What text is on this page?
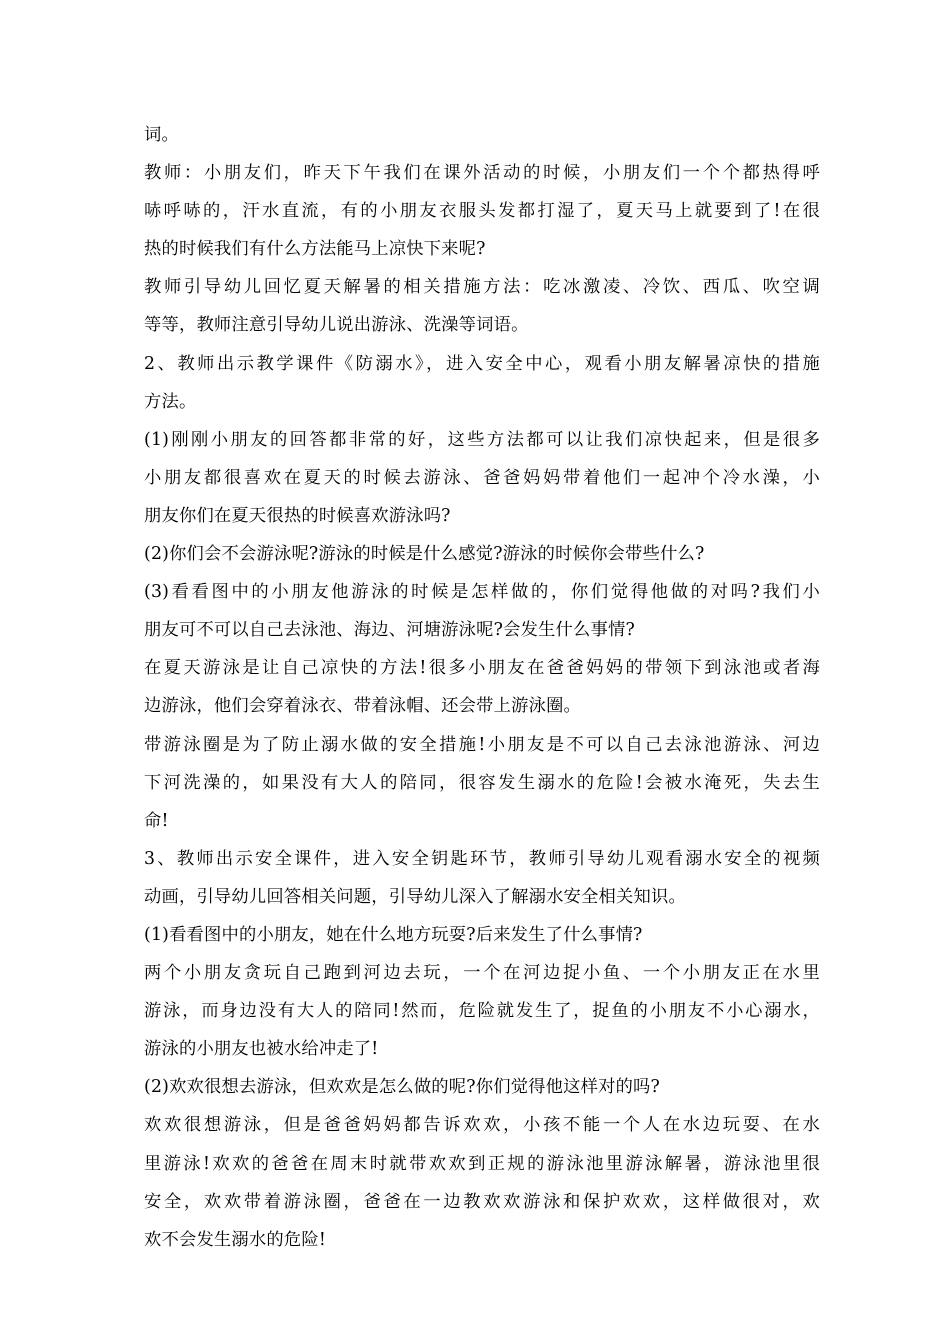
词。
教师：小朋友们，昨天下午我们在课外活动的时候，小朋友们一个个都热得呼
哧呼哧的，汗水直流，有的小朋友衣服头发都打湿了，夏天马上就要到了!在很
热的时候我们有什么方法能马上凉快下来呢?
教师引导幼儿回忆夏天解暑的相关措施方法：吃冰激凌、冷饮、西瓜、吹空调
等等，教师注意引导幼儿说出游泳、洗澡等词语。
2、教师出示教学课件《防溺水》，进入安全中心，观看小朋友解暑凉快的措施
方法。
(1)刚刚小朋友的回答都非常的好，这些方法都可以让我们凉快起来，但是很多
小朋友都很喜欢在夏天的时候去游泳、爸爸妈妈带着他们一起冲个冷水澡，小
朋友你们在夏天很热的时候喜欢游泳吗?
(2)你们会不会游泳呢?游泳的时候是什么感觉?游泳的时候你会带些什么?
(3)看看图中的小朋友他游泳的时候是怎样做的，你们觉得他做的对吗?我们小
朋友可不可以自己去泳池、海边、河塘游泳呢?会发生什么事情?
在夏天游泳是让自己凉快的方法!很多小朋友在爸爸妈妈的带领下到泳池或者海
边游泳，他们会穿着泳衣、带着泳帽、还会带上游泳圈。
带游泳圈是为了防止溺水做的安全措施!小朋友是不可以自己去泳池游泳、河边
下河洗澡的，如果没有大人的陪同，很容发生溺水的危险!会被水淹死，失去生
命!
3、教师出示安全课件，进入安全钥匙环节，教师引导幼儿观看溺水安全的视频
动画，引导幼儿回答相关问题，引导幼儿深入了解溺水安全相关知识。
(1)看看图中的小朋友，她在什么地方玩耍?后来发生了什么事情?
两个小朋友贪玩自己跑到河边去玩，一个在河边捉小鱼、一个小朋友正在水里
游泳，而身边没有大人的陪同!然而，危险就发生了，捉鱼的小朋友不小心溺水，
游泳的小朋友也被水给冲走了!
(2)欢欢很想去游泳，但欢欢是怎么做的呢?你们觉得他这样对的吗?
欢欢很想游泳，但是爸爸妈妈都告诉欢欢，小孩不能一个人在水边玩耍、在水
里游泳!欢欢的爸爸在周末时就带欢欢到正规的游泳池里游泳解暑，游泳池里很
安全，欢欢带着游泳圈，爸爸在一边教欢欢游泳和保护欢欢，这样做很对，欢
欢不会发生溺水的危险!
